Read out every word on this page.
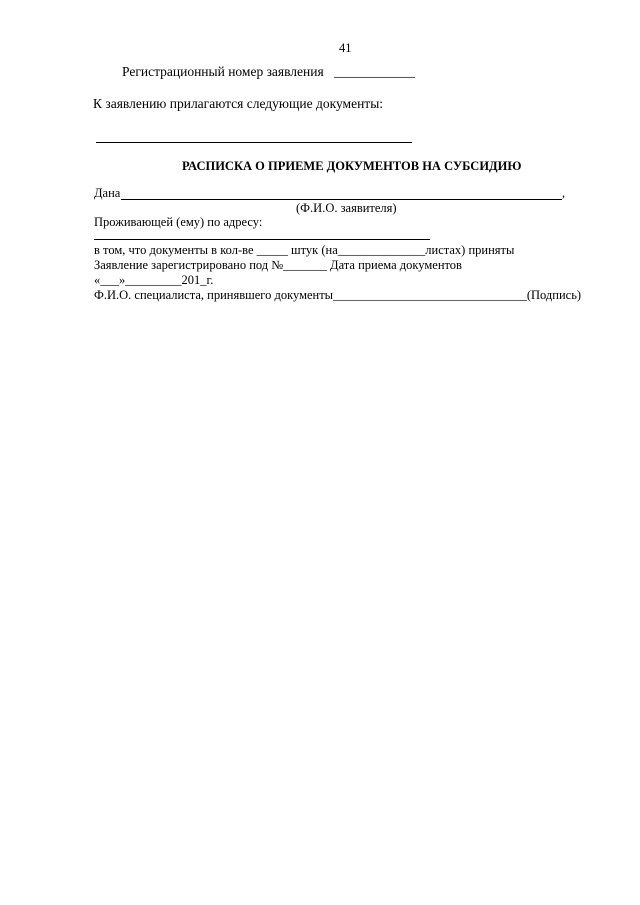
41
Регистрационный номер заявления ____________
К заявлению прилагаются следующие документы:
РАСПИСКА О ПРИЕМЕ ДОКУМЕНТОВ НА СУБСИДИЮ
Дана	,
(Ф.И.О. заявителя)
Проживающей (ему) по адресу:
в том, что документы в кол-ве _____ штук (на______________листах) приняты
Заявление зарегистрировано под №_______ Дата приема документов
«___»_________201_г.
Ф.И.О. специалиста, принявшего документы_______________________________(Подпись)
